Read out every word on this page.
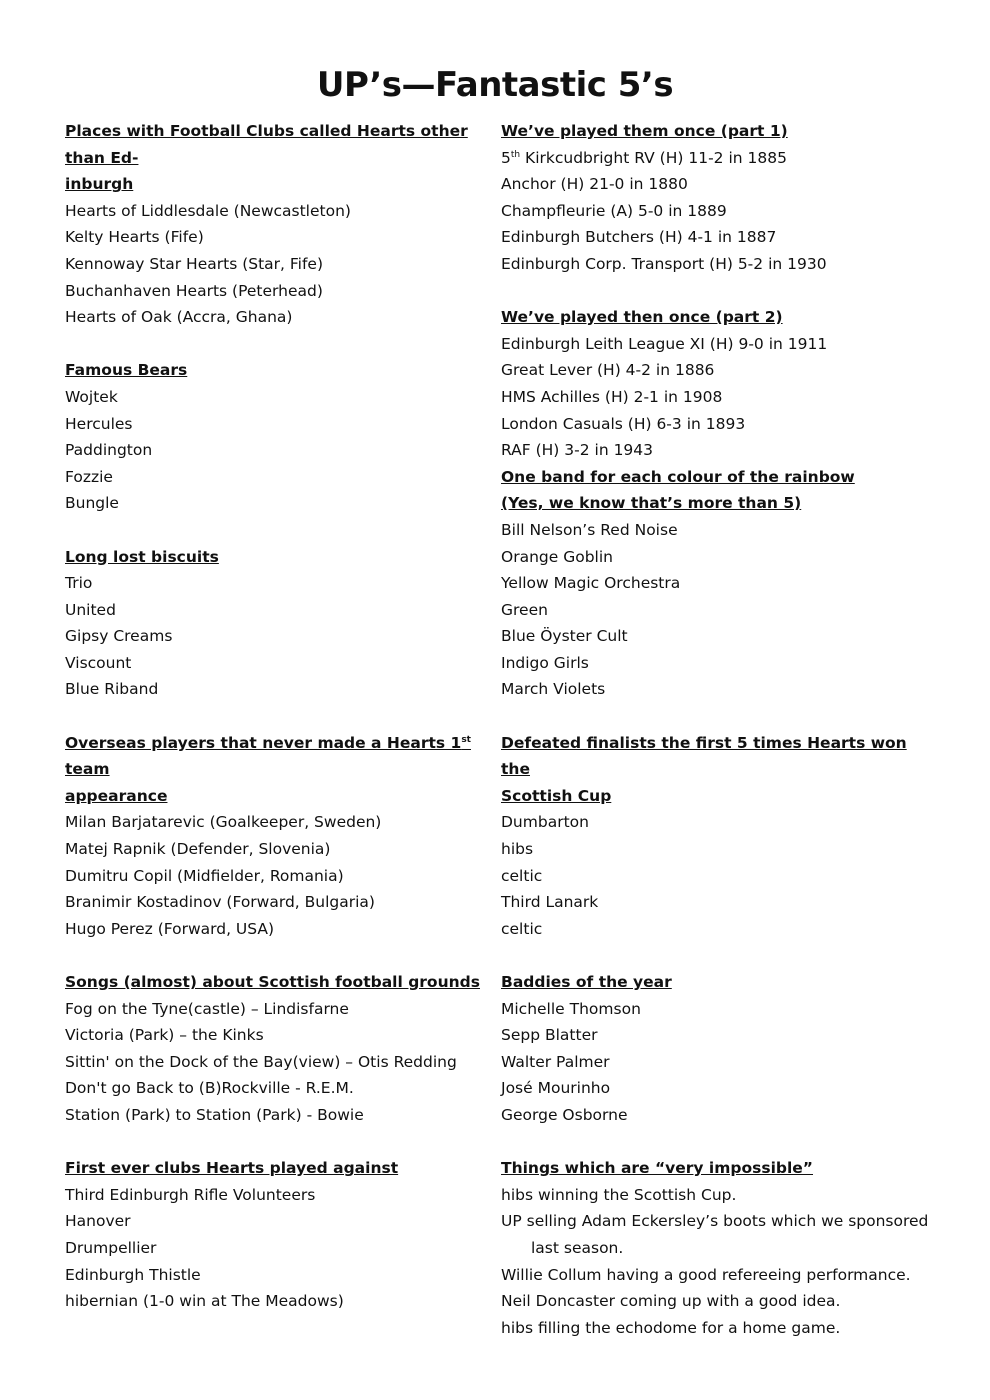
UP’s—Fantastic 5’s
Places with Football Clubs called Hearts other than Ed-
inburgh
Hearts of Liddlesdale (Newcastleton)
Kelty Hearts (Fife)
Kennoway Star Hearts (Star, Fife)
Buchanhaven Hearts (Peterhead)
Hearts of Oak (Accra, Ghana)
Famous Bears
Wojtek
Hercules
Paddington
Fozzie
Bungle
Long lost biscuits
Trio
United
Gipsy Creams
Viscount
Blue Riband
Overseas players that never made a Hearts 1st team
appearance
Milan Barjatarevic (Goalkeeper, Sweden)
Matej Rapnik (Defender, Slovenia)
Dumitru Copil (Midfielder, Romania)
Branimir Kostadinov (Forward, Bulgaria)
Hugo Perez (Forward, USA)
Songs (almost) about Scottish football grounds
Fog on the Tyne(castle) – Lindisfarne
Victoria (Park) – the Kinks
Sittin' on the Dock of the Bay(view) – Otis Redding
Don't go Back to (B)Rockville - R.E.M.
Station (Park) to Station (Park) - Bowie
First ever clubs Hearts played against
Third Edinburgh Rifle Volunteers
Hanover
Drumpellier
Edinburgh Thistle
hibernian (1-0 win at The Meadows)
We’ve played them once (part 1)
5th Kirkcudbright RV (H) 11-2 in 1885
Anchor (H) 21-0 in 1880
Champfleurie (A) 5-0 in 1889
Edinburgh Butchers (H) 4-1 in 1887
Edinburgh Corp. Transport (H) 5-2 in 1930
We’ve played then once (part 2)
Edinburgh Leith League XI (H) 9-0 in 1911
Great Lever (H) 4-2 in 1886
HMS Achilles (H) 2-1 in 1908
London Casuals (H) 6-3 in 1893
RAF (H) 3-2 in 1943
One band for each colour of the rainbow
(Yes, we know that’s more than 5)
Bill Nelson’s Red Noise
Orange Goblin
Yellow Magic Orchestra
Green
Blue Öyster Cult
Indigo Girls
March Violets
Defeated finalists the first 5 times Hearts won the
Scottish Cup
Dumbarton
hibs
celtic
Third Lanark
celtic
Baddies of the year
Michelle Thomson
Sepp Blatter
Walter Palmer
José Mourinho
George Osborne
Things which are “very impossible”
hibs winning the Scottish Cup.
UP selling Adam Eckersley’s boots which we sponsored
last season.
Willie Collum having a good refereeing performance.
Neil Doncaster coming up with a good idea.
hibs filling the echodome for a home game.
